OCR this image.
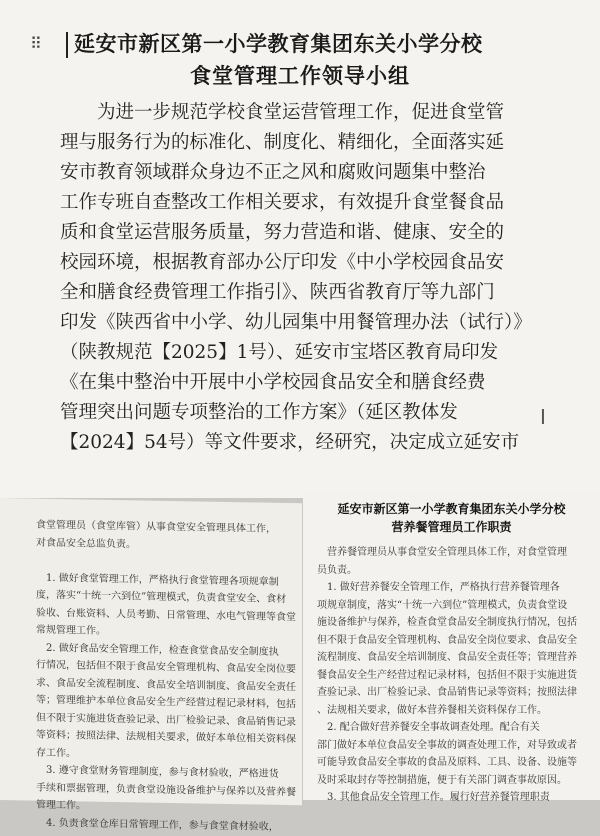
⠿ 延安市新区第一小学教育集团东关小学分校
食堂管理工作领导小组
　　为进一步规范学校食堂运营管理工作，促进食堂管
理与服务行为的标准化、制度化、精细化，全面落实延
安市教育领域群众身边不正之风和腐败问题集中整治
工作专班自查整改工作相关要求，有效提升食堂餐食品
质和食堂运营服务质量，努力营造和谐、健康、安全的
校园环境，根据教育部办公厅印发《中小学校园食品安
全和膳食经费管理工作指引》、陕西省教育厅等九部门
印发《陕西省中小学、幼儿园集中用餐管理办法（试行）》
（陕教规范【2025】1号）、延安市宝塔区教育局印发
《在集中整治中开展中小学校园食品安全和膳食经费
管理突出问题专项整治的工作方案》（延区教体发
【2024】54号）等文件要求，经研究，决定成立延安市
I
食堂管理员（食堂库管）从事食堂安全管理具体工作，
对食品安全总监负责。
　1. 做好食堂管理工作，严格执行食堂管理各项规章制
度，落实“十统一六到位”管理模式，负责食堂安全、食材
验收、台账资料、人员考勤、日常管理、水电气管理等食堂
常规管理工作。
　2. 做好食品安全管理工作，检查食堂食品安全制度执
行情况，包括但不限于食品安全管理机构、食品安全岗位要
求、食品安全流程制度、食品安全培训制度、食品安全责任
等；管理维护本单位食品安全生产经营过程记录材料，包括
但不限于实施进货查验记录、出厂检验记录、食品销售记录
等资料；按照法律、法规相关要求，做好本单位相关资料保
存工作。
　3. 遵守食堂财务管理制度，参与食材验收，严格进货
手续和票据管理，负责食堂设施设备维护与保养以及营养餐
管理工作。
　4. 负责食堂仓库日常管理工作，参与食堂食材验收，
延安市新区第一小学教育集团东关小学分校
营养餐管理员工作职责
　营养餐管理员从事食堂安全管理具体工作，对食堂管理
员负责。
　1. 做好营养餐安全管理工作，严格执行营养餐管理各
项规章制度，落实“十统一六到位”管理模式，负责食堂设
施设备维护与保养，检查食堂食品安全制度执行情况，包括
但不限于食品安全管理机构、食品安全岗位要求、食品安全
流程制度、食品安全培训制度、食品安全责任等；管理营养
餐食品安全生产经营过程记录材料，包括但不限于实施进货
查验记录、出厂检验记录、食品销售记录等资料；按照法律
、法规相关要求，做好本营养餐相关资料保存工作。
　2. 配合做好营养餐安全事故调查处理。配合有关
部门做好本单位食品安全事故的调查处理工作，对导致或者
可能导致食品安全事故的食品及原料、工具、设备、设施等
及时采取封存等控制措施，便于有关部门调查事故原因。
　3. 其他食品安全管理工作。履行好营养餐管理职责
